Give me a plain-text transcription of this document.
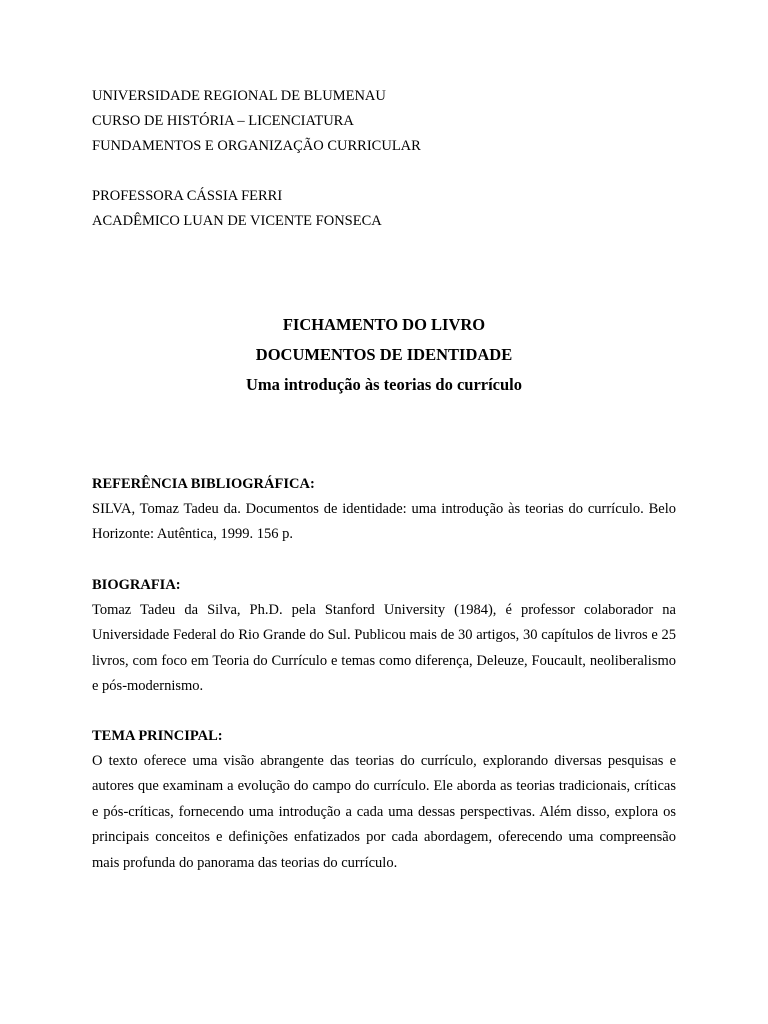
UNIVERSIDADE REGIONAL DE BLUMENAU

CURSO DE HISTÓRIA – LICENCIATURA

FUNDAMENTOS E ORGANIZAÇÃO CURRICULAR

PROFESSORA CÁSSIA FERRI

ACADÊMICO LUAN DE VICENTE FONSECA

FICHAMENTO DO LIVRO

DOCUMENTOS DE IDENTIDADE

Uma introdução às teorias do currículo

REFERÊNCIA BIBLIOGRÁFICA:

SILVA, Tomaz Tadeu da. Documentos de identidade: uma introdução às teorias do currículo. Belo Horizonte: Autêntica, 1999. 156 p.

BIOGRAFIA:

Tomaz Tadeu da Silva, Ph.D. pela Stanford University (1984), é professor colaborador na Universidade Federal do Rio Grande do Sul. Publicou mais de 30 artigos, 30 capítulos de livros e 25 livros, com foco em Teoria do Currículo e temas como diferença, Deleuze, Foucault, neoliberalismo e pós-modernismo.

TEMA PRINCIPAL:

O texto oferece uma visão abrangente das teorias do currículo, explorando diversas pesquisas e autores que examinam a evolução do campo do currículo. Ele aborda as teorias tradicionais, críticas e pós-críticas, fornecendo uma introdução a cada uma dessas perspectivas. Além disso, explora os principais conceitos e definições enfatizados por cada abordagem, oferecendo uma compreensão mais profunda do panorama das teorias do currículo.
